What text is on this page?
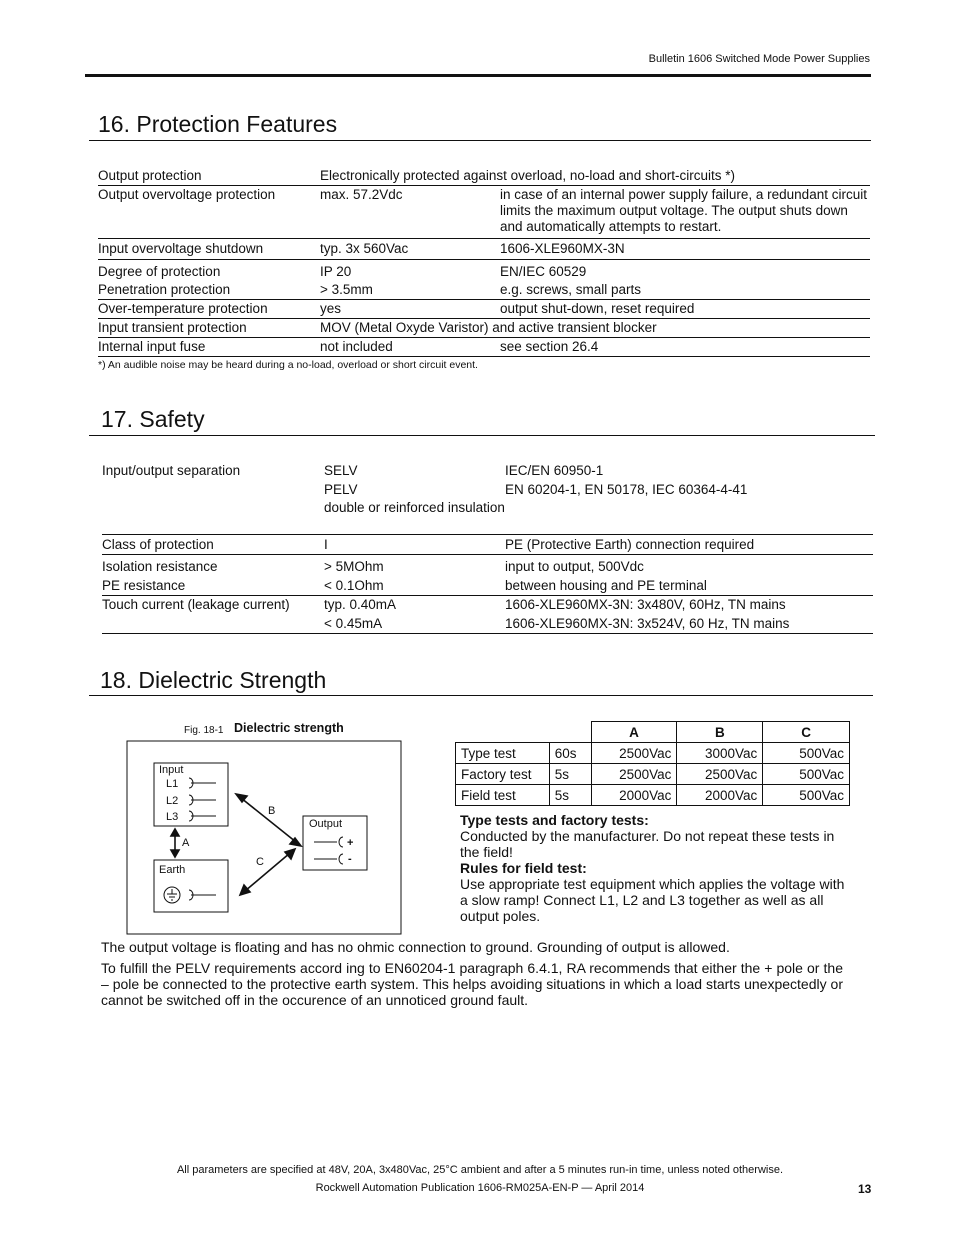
Bulletin 1606 Switched Mode Power Supplies
16. Protection Features
Output protection	Electronically protected against overload, no-load and short-circuits *)	
Output overvoltage protection	max. 57.2Vdc	in case of an internal power supply failure, a redundant circuit limits the maximum output voltage. The output shuts down and automatically attempts to restart.
Input overvoltage shutdown	typ. 3x 560Vac	1606-XLE960MX-3N
Degree of protection	IP 20	EN/IEC 60529
Penetration protection	> 3.5mm	e.g. screws, small parts
Over-temperature protection	yes	output shut-down, reset required
Input transient protection	MOV (Metal Oxyde Varistor) and active transient blocker	
Internal input fuse	not included	see section 26.4
*) An audible noise may be heard during a no-load, overload or short circuit event.
17. Safety
Input/output separation	SELV	IEC/EN 60950-1
	PELV	EN 60204-1, EN 50178, IEC 60364-4-41
	double or reinforced insulation	
Class of protection	I	PE (Protective Earth) connection required
Isolation resistance	> 5MOhm	input to output, 500Vdc
PE resistance	< 0.1Ohm	between housing and PE terminal
Touch current (leakage current)	typ. 0.40mA	1606-XLE960MX-3N: 3x480V, 60Hz, TN mains
	< 0.45mA	1606-XLE960MX-3N: 3x524V, 60 Hz, TN mains
18. Dielectric Strength
Fig. 18-1 Dielectric strength
Input
L1
L2
L3
A
Earth
B
C
Output
+
-
		A	B	C
Type test	60s	2500Vac	3000Vac	500Vac
Factory test	5s	2500Vac	2500Vac	500Vac
Field test	5s	2000Vac	2000Vac	500Vac
Type tests and factory tests:
Conducted by the manufacturer. Do not repeat these tests in the field!
Rules for field test:
Use appropriate test equipment which applies the voltage with a slow ramp! Connect L1, L2 and L3 together as well as all output poles.
The output voltage is floating and has no ohmic connection to ground. Grounding of output is allowed.
To fulfill the PELV requirements accord ing to EN60204-1 paragraph 6.4.1, RA recommends that either the + pole or the – pole be connected to the protective earth system. This helps avoiding situations in which a load starts unexpectedly or cannot be switched off in the occurence of an unnoticed ground fault.
All parameters are specified at 48V, 20A, 3x480Vac, 25°C ambient and after a 5 minutes run-in time, unless noted otherwise.
Rockwell Automation Publication 1606-RM025A-EN-P — April 2014	13
